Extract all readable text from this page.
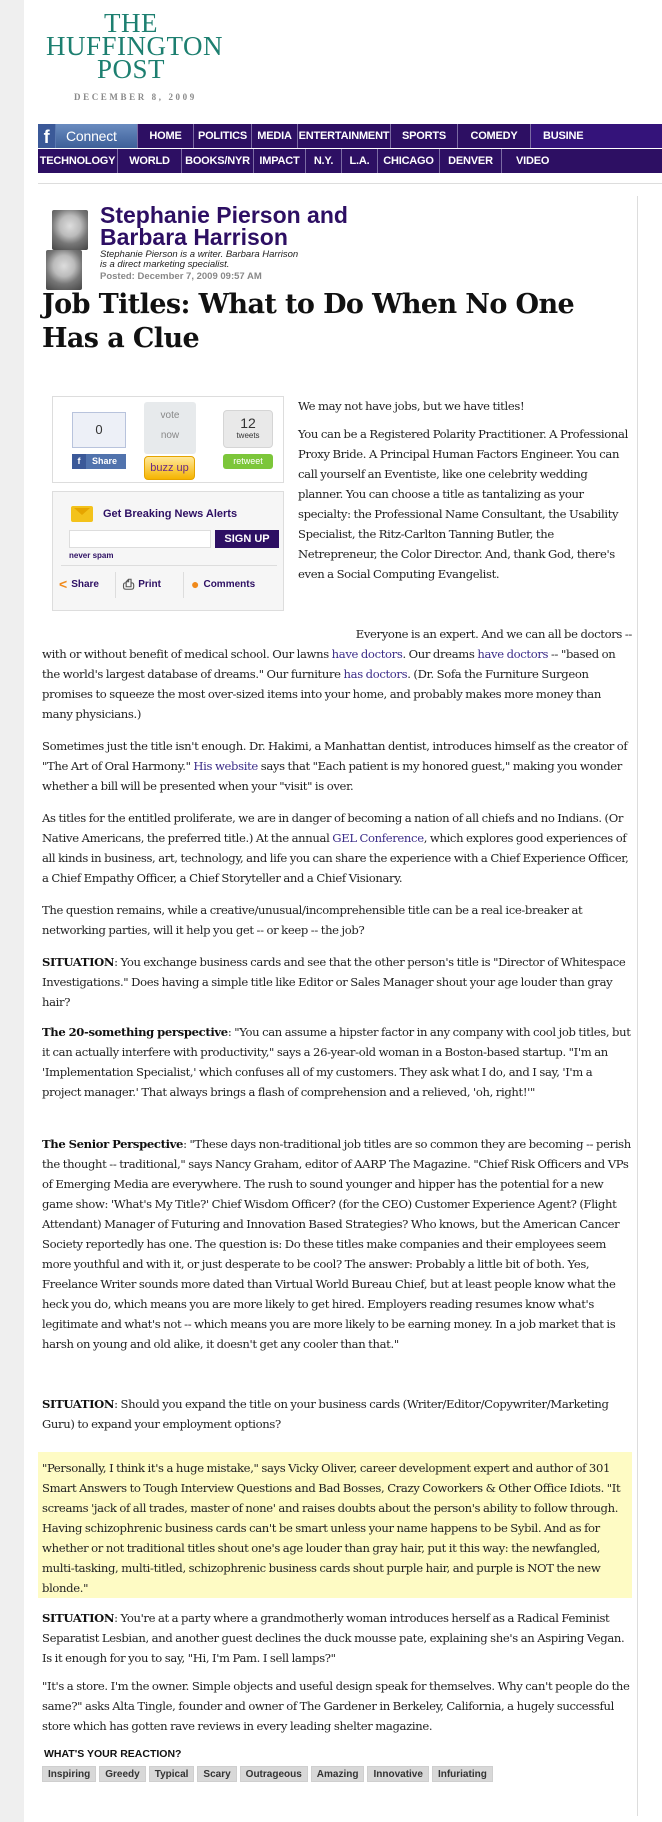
THE
HUFFINGTON
POST
DECEMBER 8, 2009
f	Connect	HOME	POLITICS MEDIA ENTERTAINMENT	SPORTS	COMEDY	BUSINE
TECHNOLOGY	WORLD	BOOKS/NYR IMPACT	N.Y.	L.A.	CHICAGO	DENVER	VIDEO
Stephanie Pierson and
Barbara Harrison
Stephanie Pierson is a writer. Barbara Harrison
is a direct marketing specialist.
Posted: December 7, 2009 09:57 AM
Job Titles: What to Do When No One Has a Clue
0
f Share
vote
now
buzz up
12
tweets
retweet
Get Breaking News Alerts
SIGN UP
never spam
< Share ⎙ Print ● Comments
We may not have jobs, but we have titles!
You can be a Registered Polarity Practitioner. A Professional Proxy Bride. A Principal Human Factors Engineer. You can call yourself an Eventiste, like one celebrity wedding planner. You can choose a title as tantalizing as your specialty: the Professional Name Consultant, the Usability Specialist, the Ritz-Carlton Tanning Butler, the Netrepreneur, the Color Director. And, thank God, there's even a Social Computing Evangelist.
Everyone is an expert. And we can all be doctors --
with or without benefit of medical school. Our lawns have doctors. Our dreams have doctors -- "based on the world's largest database of dreams." Our furniture has doctors. (Dr. Sofa the Furniture Surgeon promises to squeeze the most over-sized items into your home, and probably makes more money than many physicians.)
Sometimes just the title isn't enough. Dr. Hakimi, a Manhattan dentist, introduces himself as the creator of "The Art of Oral Harmony." His website says that "Each patient is my honored guest," making you wonder whether a bill will be presented when your "visit" is over.
As titles for the entitled proliferate, we are in danger of becoming a nation of all chiefs and no Indians. (Or Native Americans, the preferred title.) At the annual GEL Conference, which explores good experiences of all kinds in business, art, technology, and life you can share the experience with a Chief Experience Officer, a Chief Empathy Officer, a Chief Storyteller and a Chief Visionary.
The question remains, while a creative/unusual/incomprehensible title can be a real ice-breaker at networking parties, will it help you get -- or keep -- the job?
SITUATION: You exchange business cards and see that the other person's title is "Director of Whitespace Investigations." Does having a simple title like Editor or Sales Manager shout your age louder than gray hair?
The 20-something perspective: "You can assume a hipster factor in any company with cool job titles, but it can actually interfere with productivity," says a 26-year-old woman in a Boston-based startup. "I'm an 'Implementation Specialist,' which confuses all of my customers. They ask what I do, and I say, 'I'm a project manager.' That always brings a flash of comprehension and a relieved, 'oh, right!'"
The Senior Perspective: "These days non-traditional job titles are so common they are becoming -- perish the thought -- traditional," says Nancy Graham, editor of AARP The Magazine. "Chief Risk Officers and VPs of Emerging Media are everywhere. The rush to sound younger and hipper has the potential for a new game show: 'What's My Title?' Chief Wisdom Officer? (for the CEO) Customer Experience Agent? (Flight Attendant) Manager of Futuring and Innovation Based Strategies? Who knows, but the American Cancer Society reportedly has one. The question is: Do these titles make companies and their employees seem more youthful and with it, or just desperate to be cool? The answer: Probably a little bit of both. Yes, Freelance Writer sounds more dated than Virtual World Bureau Chief, but at least people know what the heck you do, which means you are more likely to get hired. Employers reading resumes know what's legitimate and what's not -- which means you are more likely to be earning money. In a job market that is harsh on young and old alike, it doesn't get any cooler than that."
SITUATION: Should you expand the title on your business cards (Writer/Editor/Copywriter/Marketing Guru) to expand your employment options?
"Personally, I think it's a huge mistake," says Vicky Oliver, career development expert and author of 301 Smart Answers to Tough Interview Questions and Bad Bosses, Crazy Coworkers & Other Office Idiots. "It screams 'jack of all trades, master of none' and raises doubts about the person's ability to follow through. Having schizophrenic business cards can't be smart unless your name happens to be Sybil. And as for whether or not traditional titles shout one's age louder than gray hair, put it this way: the newfangled, multi-tasking, multi-titled, schizophrenic business cards shout purple hair, and purple is NOT the new blonde."
SITUATION: You're at a party where a grandmotherly woman introduces herself as a Radical Feminist Separatist Lesbian, and another guest declines the duck mousse pate, explaining she's an Aspiring Vegan. Is it enough for you to say, "Hi, I'm Pam. I sell lamps?"
"It's a store. I'm the owner. Simple objects and useful design speak for themselves. Why can't people do the same?" asks Alta Tingle, founder and owner of The Gardener in Berkeley, California, a hugely successful store which has gotten rave reviews in every leading shelter magazine.
WHAT'S YOUR REACTION?
Inspiring	Greedy	Typical	Scary	Outrageous	Amazing	Innovative	Infuriating
